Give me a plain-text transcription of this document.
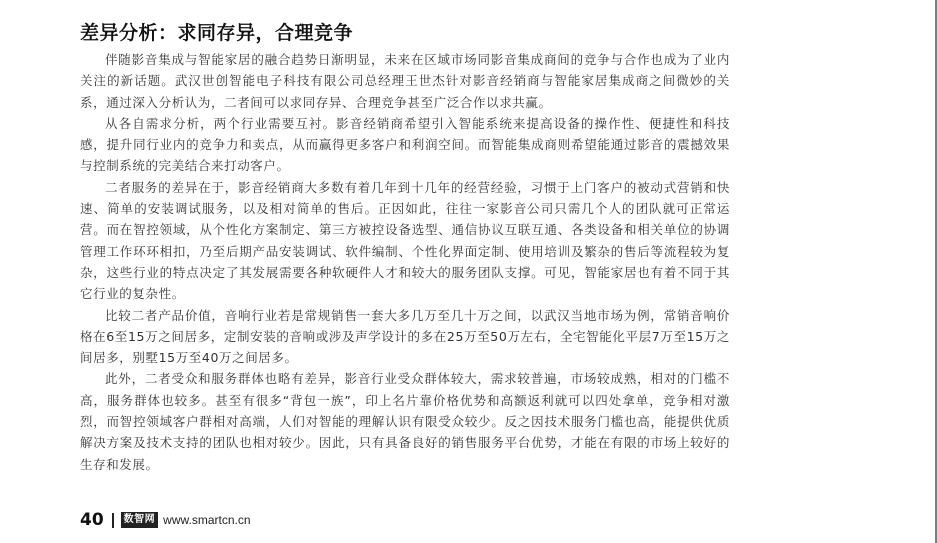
差异分析：求同存异，合理竞争

伴随影音集成与智能家居的融合趋势日渐明显，未来在区域市场同影音集成商间的竞争与合作也成为了业内关注的新话题。武汉世创智能电子科技有限公司总经理王世杰针对影音经销商与智能家居集成商之间微妙的关系，通过深入分析认为，二者间可以求同存异、合理竞争甚至广泛合作以求共赢。

从各自需求分析，两个行业需要互衬。影音经销商希望引入智能系统来提高设备的操作性、便捷性和科技感，提升同行业内的竞争力和卖点，从而赢得更多客户和利润空间。而智能集成商则希望能通过影音的震撼效果与控制系统的完美结合来打动客户。

二者服务的差异在于，影音经销商大多数有着几年到十几年的经营经验，习惯于上门客户的被动式营销和快速、简单的安装调试服务，以及相对简单的售后。正因如此，往往一家影音公司只需几个人的团队就可正常运营。而在智控领域，从个性化方案制定、第三方被控设备选型、通信协议互联互通、各类设备和相关单位的协调管理工作环环相扣，乃至后期产品安装调试、软件编制、个性化界面定制、使用培训及繁杂的售后等流程较为复杂，这些行业的特点决定了其发展需要各种软硬件人才和较大的服务团队支撑。可见，智能家居也有着不同于其它行业的复杂性。

比较二者产品价值，音响行业若是常规销售一套大多几万至几十万之间，以武汉当地市场为例，常销音响价格在6至15万之间居多，定制安装的音响或涉及声学设计的多在25万至50万左右，全宅智能化平层7万至15万之间居多，别墅15万至40万之间居多。

此外，二者受众和服务群体也略有差异，影音行业受众群体较大，需求较普遍，市场较成熟，相对的门槛不高，服务群体也较多。甚至有很多“背包一族”，印上名片靠价格优势和高额返利就可以四处拿单，竞争相对激烈，而智控领域客户群相对高端，人们对智能的理解认识有限受众较少。反之因技术服务门槛也高，能提供优质解决方案及技术支持的团队也相对较少。因此，只有具备良好的销售服务平台优势，才能在有限的市场上较好的生存和发展。

40	数智网 www.smartcn.cn
